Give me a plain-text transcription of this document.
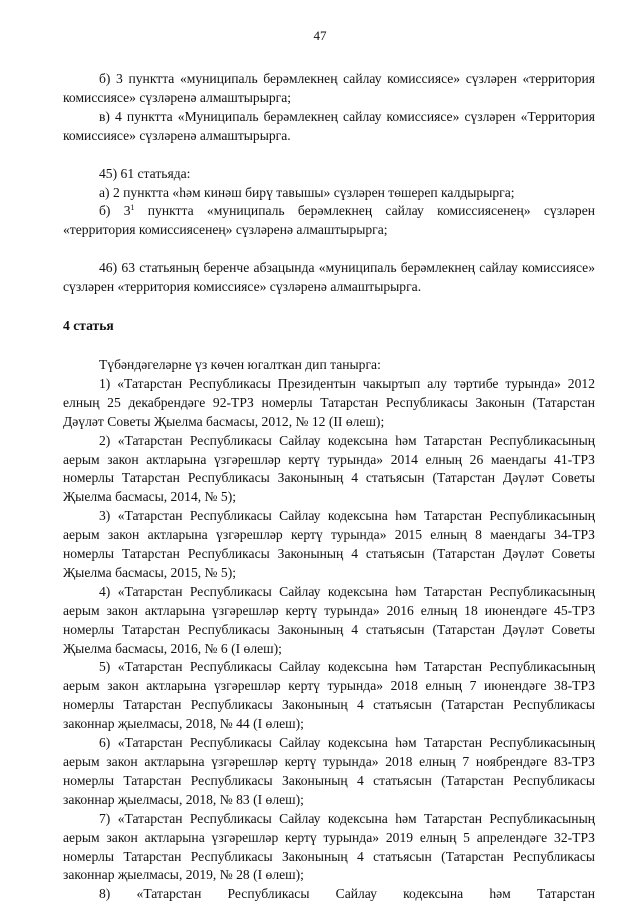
47

б) 3 пунктта «муниципаль берәмлекнең сайлау комиссиясе» сүзләрен «территория комиссиясе» сүзләренә алмаштырырга;

в) 4 пунктта «Муниципаль берәмлекнең сайлау комиссиясе» сүзләрен «Территория комиссиясе» сүзләренә алмаштырырга.

45) 61 статьяда:

а) 2 пунктта «һәм кинәш бирү тавышы» сүзләрен төшереп калдырырга;

б) $3^1$ пунктта «муниципаль берәмлекнең сайлау комиссиясенең» сүзләрен «территория комиссиясенең» сүзләренә алмаштырырга;

46) 63 статьяның беренче абзацында «муниципаль берәмлекнең сайлау комиссиясе» сүзләрен «территория комиссиясе» сүзләренә алмаштырырга.

4 статья

Түбәндәгеләрне үз көчен югалткан дип танырга:

1) «Татарстан Республикасы Президентын чакыртып алу тәртибе турында» 2012 елның 25 декабрендәге 92-ТРЗ номерлы Татарстан Республикасы Законын (Татарстан Дәүләт Советы Җыелма басмасы, 2012, № 12 (II өлеш);

2) «Татарстан Республикасы Сайлау кодексына һәм Татарстан Республикасының аерым закон актларына үзгәрешләр кертү турында» 2014 елның 26 маендагы 41-ТРЗ номерлы Татарстан Республикасы Законының 4 статьясын (Татарстан Дәүләт Советы Җыелма басмасы, 2014, № 5);

3) «Татарстан Республикасы Сайлау кодексына һәм Татарстан Республикасының аерым закон актларына үзгәрешләр кертү турында» 2015 елның 8 маендагы 34-ТРЗ номерлы Татарстан Республикасы Законының 4 статьясын (Татарстан Дәүләт Советы Җыелма басмасы, 2015, № 5);

4) «Татарстан Республикасы Сайлау кодексына һәм Татарстан Республикасының аерым закон актларына үзгәрешләр кертү турында» 2016 елның 18 июнендәге 45-ТРЗ номерлы Татарстан Республикасы Законының 4 статьясын (Татарстан Дәүләт Советы Җыелма басмасы, 2016, № 6 (I өлеш);

5) «Татарстан Республикасы Сайлау кодексына һәм Татарстан Республикасының аерым закон актларына үзгәрешләр кертү турында» 2018 елның 7 июнендәге 38-ТРЗ номерлы Татарстан Республикасы Законының 4 статьясын (Татарстан Республикасы законнар җыелмасы, 2018, № 44 (I өлеш);

6) «Татарстан Республикасы Сайлау кодексына һәм Татарстан Республикасының аерым закон актларына үзгәрешләр кертү турында» 2018 елның 7 ноябрендәге 83-ТРЗ номерлы Татарстан Республикасы Законының 4 статьясын (Татарстан Республикасы законнар җыелмасы, 2018, № 83 (I өлеш);

7) «Татарстан Республикасы Сайлау кодексына һәм Татарстан Республикасының аерым закон актларына үзгәрешләр кертү турында» 2019 елның 5 апрелендәге 32-ТРЗ номерлы Татарстан Республикасы Законының 4 статьясын (Татарстан Республикасы законнар җыелмасы, 2019, № 28 (I өлеш);

8) «Татарстан Республикасы Сайлау кодексына һәм Татарстан
